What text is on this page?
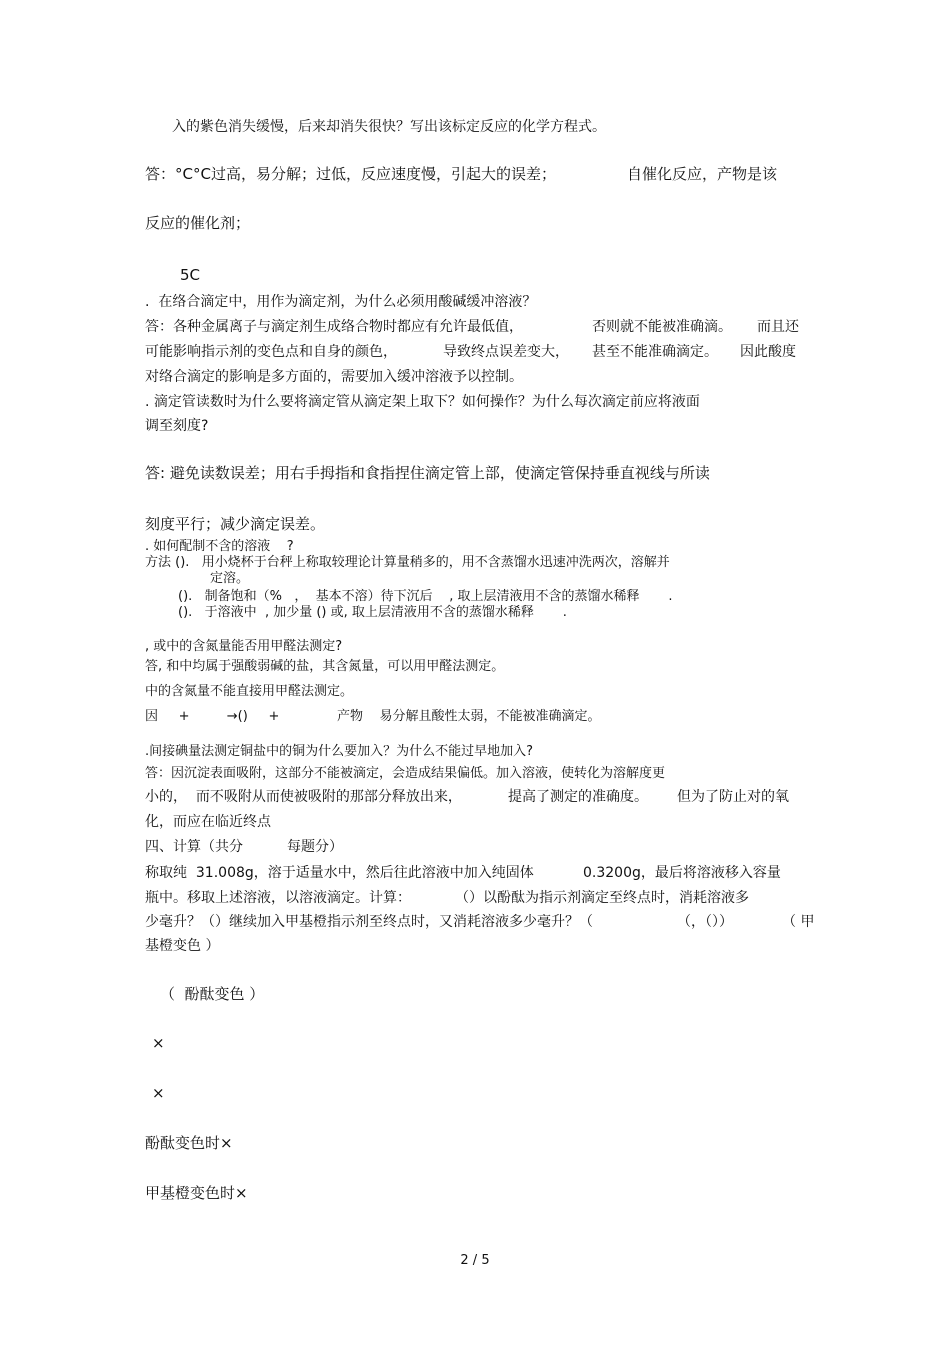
入的紫色消失缓慢，后来却消失很快？写出该标定反应的化学方程式。
答：°C°C过高，易分解；过低，反应速度慢，引起大的误差；	自催化反应，产物是该
反应的催化剂；
5C
.  在络合滴定中，用作为滴定剂，为什么必须用酸碱缓冲溶液？
答：各种金属离子与滴定剂生成络合物时都应有允许最低值，	否则就不能被准确滴。 而且还
可能影响指示剂的变色点和自身的颜色，	导致终点误差变大， 甚至不能准确滴定。 因此酸度
对络合滴定的影响是多方面的，需要加入缓冲溶液予以控制。
. 滴定管读数时为什么要将滴定管从滴定架上取下？如何操作？为什么每次滴定前应将液面
调至刻度?
答: 避免读数误差；用右手拇指和食指捏住滴定管上部，使滴定管保持垂直视线与所读
刻度平行；减少滴定误差。
. 如何配制不含的溶液    ?
方法 ().   用小烧杯于台秤上称取较理论计算量稍多的，用不含蒸馏水迅速冲洗两次，溶解并
定溶。
().   制备饱和（%   ，  基本不溶）待下沉后    , 取上层清液用不含的蒸馏水稀释       .
().   于溶液中  , 加少量 () 或, 取上层清液用不含的蒸馏水稀释       .
, 或中的含氮量能否用甲醛法测定?
答, 和中均属于强酸弱碱的盐，其含氮量，可以用甲醛法测定。
中的含氮量不能直接用甲醛法测定。
因     +         →()     +	产物    易分解且酸性太弱，不能被准确滴定。
.间接碘量法测定铜盐中的铜为什么要加入？为什么不能过早地加入?
答：因沉淀表面吸附，这部分不能被滴定，会造成结果偏低。加入溶液，使转化为溶解度更
小的，  而不吸附从而使被吸附的那部分释放出来，	提高了测定的准确度。 但为了防止对的氧
化，而应在临近终点
四、计算（共分	每题分）
称取纯  31.008g，溶于适量水中，然后往此溶液中加入纯固体	0.3200g，最后将溶液移入容量
瓶中。移取上述溶液，以溶液滴定。计算：	（）以酚酞为指示剂滴定至终点时，消耗溶液多
少毫升？（）继续加入甲基橙指示剂至终点时，又消耗溶液多少毫升？（	（，（））	（ 甲
基橙变色 ）
（  酚酞变色 ）
×
×
酚酞变色时×
甲基橙变色时×
2 / 5
